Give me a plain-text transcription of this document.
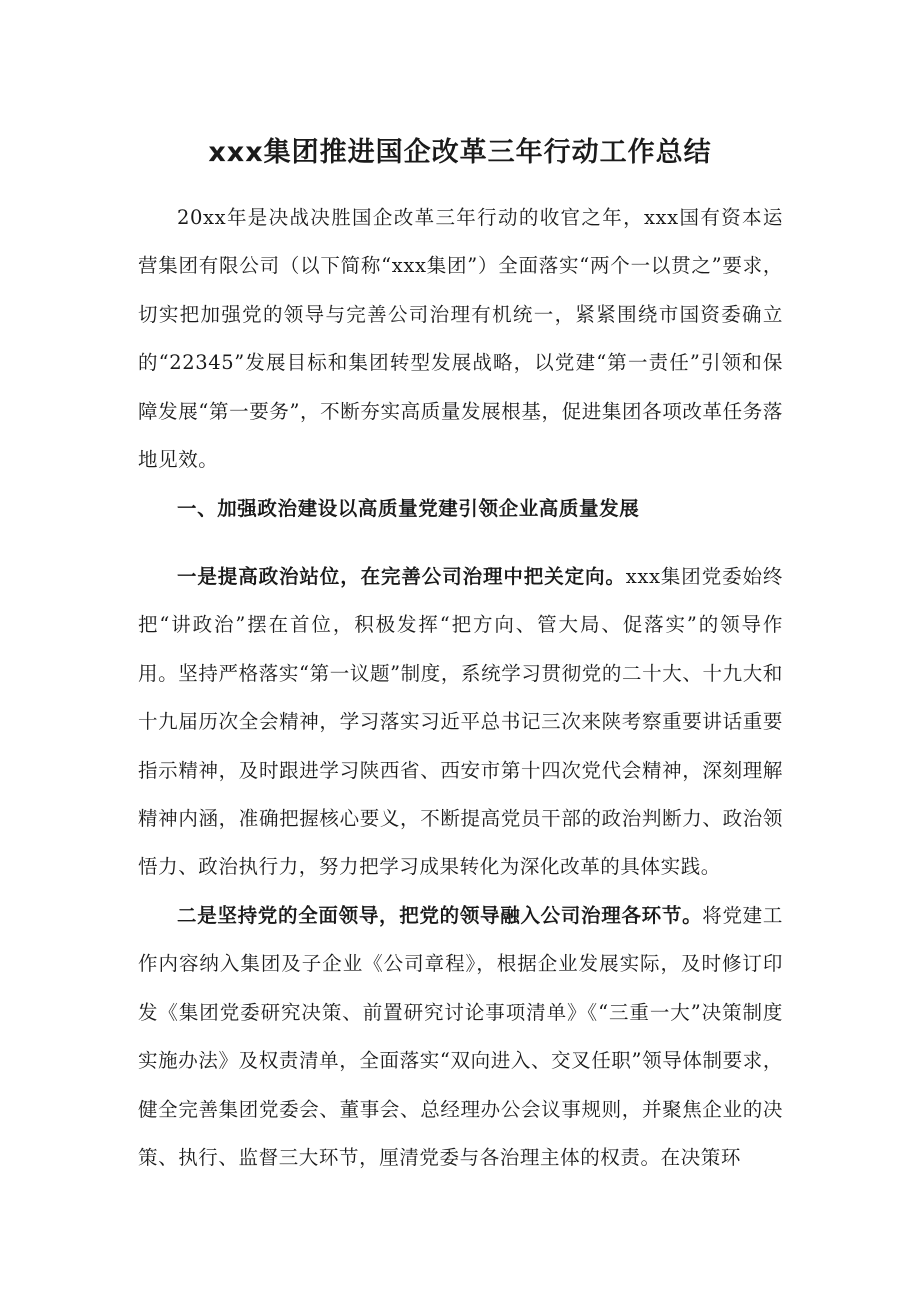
xxx集团推进国企改革三年行动工作总结

20xx年是决战决胜国企改革三年行动的收官之年，xxx国有资本运营集团有限公司（以下简称“xxx集团”）全面落实“两个一以贯之”要求，切实把加强党的领导与完善公司治理有机统一，紧紧围绕市国资委确立的“22345”发展目标和集团转型发展战略，以党建“第一责任”引领和保障发展“第一要务”，不断夯实高质量发展根基，促进集团各项改革任务落地见效。

一、加强政治建设以高质量党建引领企业高质量发展

一是提高政治站位，在完善公司治理中把关定向。xxx集团党委始终把“讲政治”摆在首位，积极发挥“把方向、管大局、促落实”的领导作用。坚持严格落实“第一议题”制度，系统学习贯彻党的二十大、十九大和十九届历次全会精神，学习落实习近平总书记三次来陕考察重要讲话重要指示精神，及时跟进学习陕西省、西安市第十四次党代会精神，深刻理解精神内涵，准确把握核心要义，不断提高党员干部的政治判断力、政治领悟力、政治执行力，努力把学习成果转化为深化改革的具体实践。

二是坚持党的全面领导，把党的领导融入公司治理各环节。将党建工作内容纳入集团及子企业《公司章程》，根据企业发展实际，及时修订印发《集团党委研究决策、前置研究讨论事项清单》《“三重一大”决策制度实施办法》及权责清单，全面落实“双向进入、交叉任职”领导体制要求，健全完善集团党委会、董事会、总经理办公会议事规则，并聚焦企业的决策、执行、监督三大环节，厘清党委与各治理主体的权责。在决策环
